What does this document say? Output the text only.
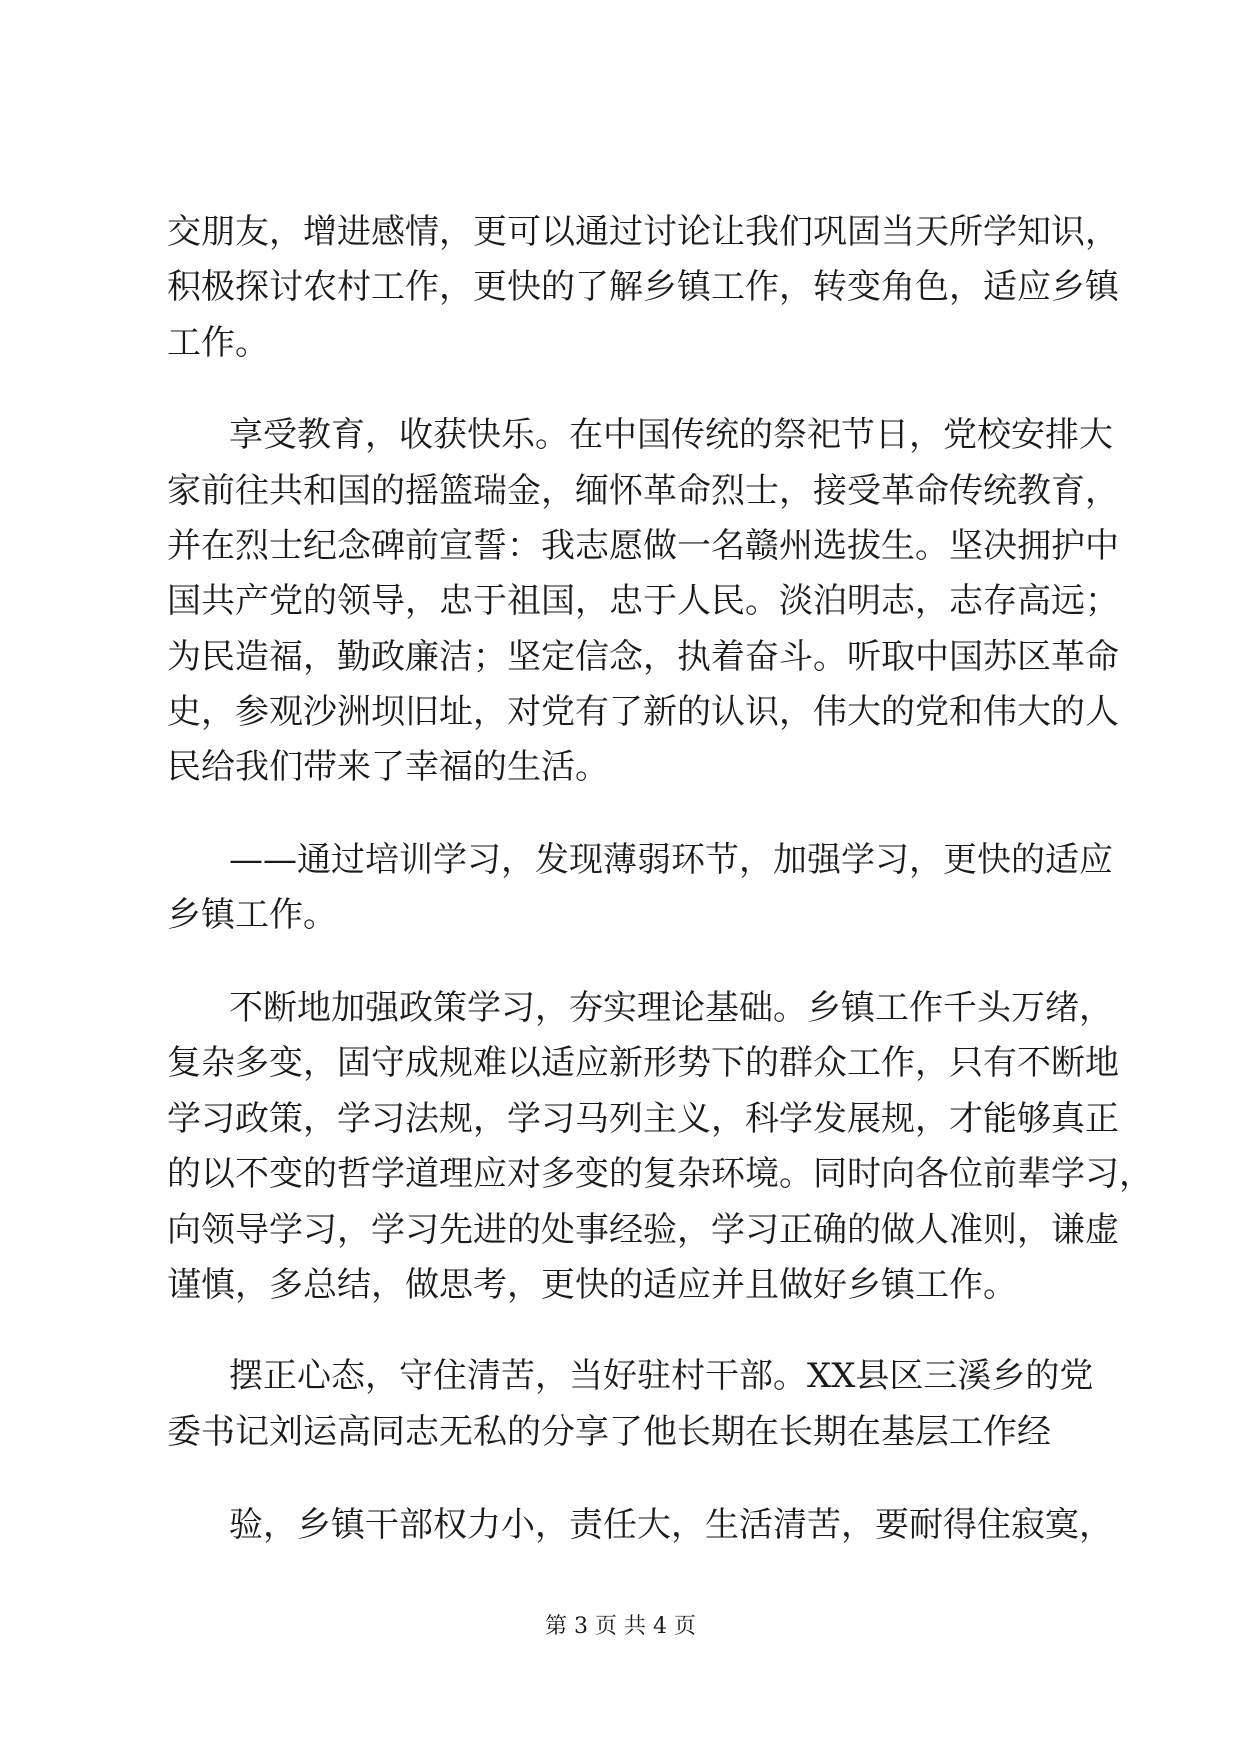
交朋友，增进感情，更可以通过讨论让我们巩固当天所学知识，
积极探讨农村工作，更快的了解乡镇工作，转变角色，适应乡镇
工作。
享受教育，收获快乐。在中国传统的祭祀节日，党校安排大
家前往共和国的摇篮瑞金，缅怀革命烈士，接受革命传统教育，
并在烈士纪念碑前宣誓：我志愿做一名赣州选拔生。坚决拥护中
国共产党的领导，忠于祖国，忠于人民。淡泊明志，志存高远；
为民造福，勤政廉洁；坚定信念，执着奋斗。听取中国苏区革命
史，参观沙洲坝旧址，对党有了新的认识，伟大的党和伟大的人
民给我们带来了幸福的生活。
——通过培训学习，发现薄弱环节，加强学习，更快的适应
乡镇工作。
不断地加强政策学习，夯实理论基础。乡镇工作千头万绪，
复杂多变，固守成规难以适应新形势下的群众工作，只有不断地
学习政策，学习法规，学习马列主义，科学发展规，才能够真正
的以不变的哲学道理应对多变的复杂环境。同时向各位前辈学习，
向领导学习，学习先进的处事经验，学习正确的做人准则，谦虚
谨慎，多总结，做思考，更快的适应并且做好乡镇工作。
摆正心态，守住清苦，当好驻村干部。XX县区三溪乡的党
委书记刘运高同志无私的分享了他长期在长期在基层工作经
验，乡镇干部权力小，责任大，生活清苦，要耐得住寂寞，
第 3 页 共 4 页
